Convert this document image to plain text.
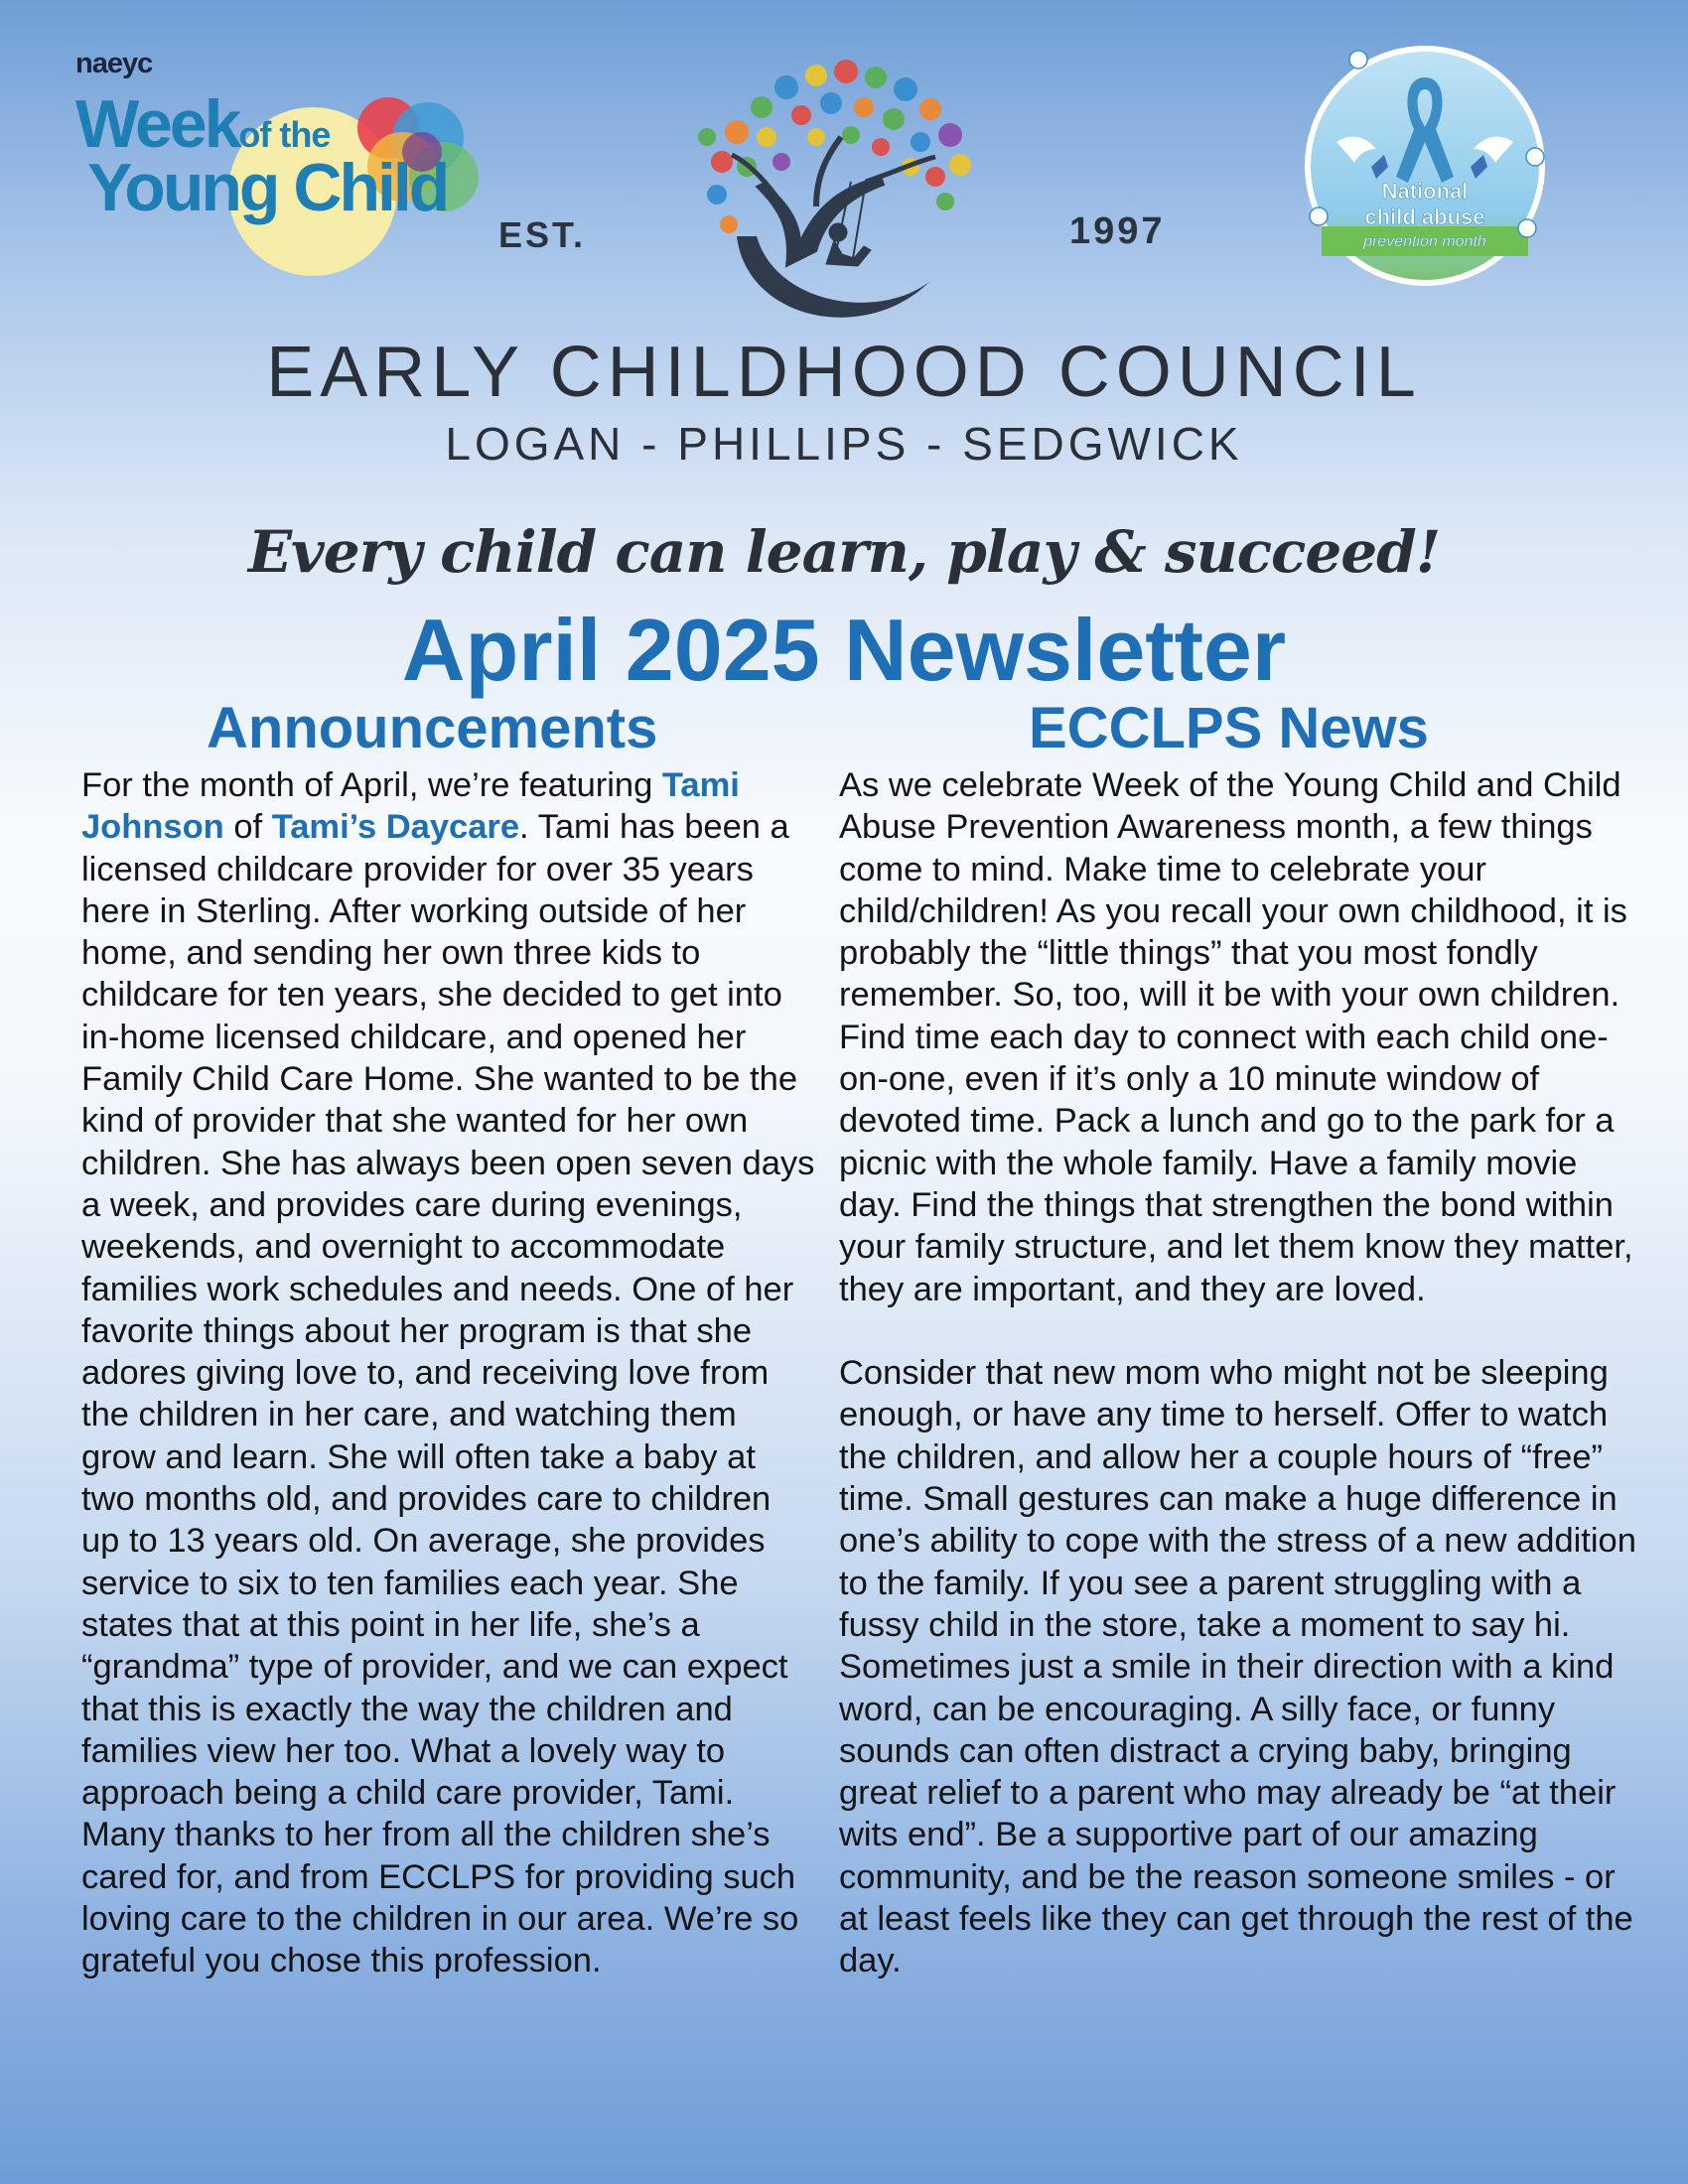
naeyc
Weekof the
Young Child
EST.	1997
National
child abuse
prevention month
EARLY CHILDHOOD COUNCIL
LOGAN - PHILLIPS - SEDGWICK
Every child can learn, play & succeed!
April 2025 Newsletter
Announcements	ECCLPS News

For the month of April, we’re featuring Tami Johnson of Tami’s Daycare. Tami has been a licensed childcare provider for over 35 years here in Sterling. After working outside of her home, and sending her own three kids to childcare for ten years, she decided to get into in-home licensed childcare, and opened her Family Child Care Home. She wanted to be the kind of provider that she wanted for her own children. She has always been open seven days a week, and provides care during evenings, weekends, and overnight to accommodate families work schedules and needs. One of her favorite things about her program is that she adores giving love to, and receiving love from the children in her care, and watching them grow and learn. She will often take a baby at two months old, and provides care to children up to 13 years old. On average, she provides service to six to ten families each year. She states that at this point in her life, she’s a “grandma” type of provider, and we can expect that this is exactly the way the children and families view her too. What a lovely way to approach being a child care provider, Tami. Many thanks to her from all the children she’s cared for, and from ECCLPS for providing such loving care to the children in our area. We’re so grateful you chose this profession.

As we celebrate Week of the Young Child and Child Abuse Prevention Awareness month, a few things come to mind. Make time to celebrate your child/children! As you recall your own childhood, it is probably the “little things” that you most fondly remember. So, too, will it be with your own children. Find time each day to connect with each child one-on-one, even if it’s only a 10 minute window of devoted time. Pack a lunch and go to the park for a picnic with the whole family. Have a family movie day. Find the things that strengthen the bond within your family structure, and let them know they matter, they are important, and they are loved.

Consider that new mom who might not be sleeping enough, or have any time to herself. Offer to watch the children, and allow her a couple hours of “free” time. Small gestures can make a huge difference in one’s ability to cope with the stress of a new addition to the family. If you see a parent struggling with a fussy child in the store, take a moment to say hi. Sometimes just a smile in their direction with a kind word, can be encouraging. A silly face, or funny sounds can often distract a crying baby, bringing great relief to a parent who may already be “at their wits end”. Be a supportive part of our amazing community, and be the reason someone smiles - or at least feels like they can get through the rest of the day.
